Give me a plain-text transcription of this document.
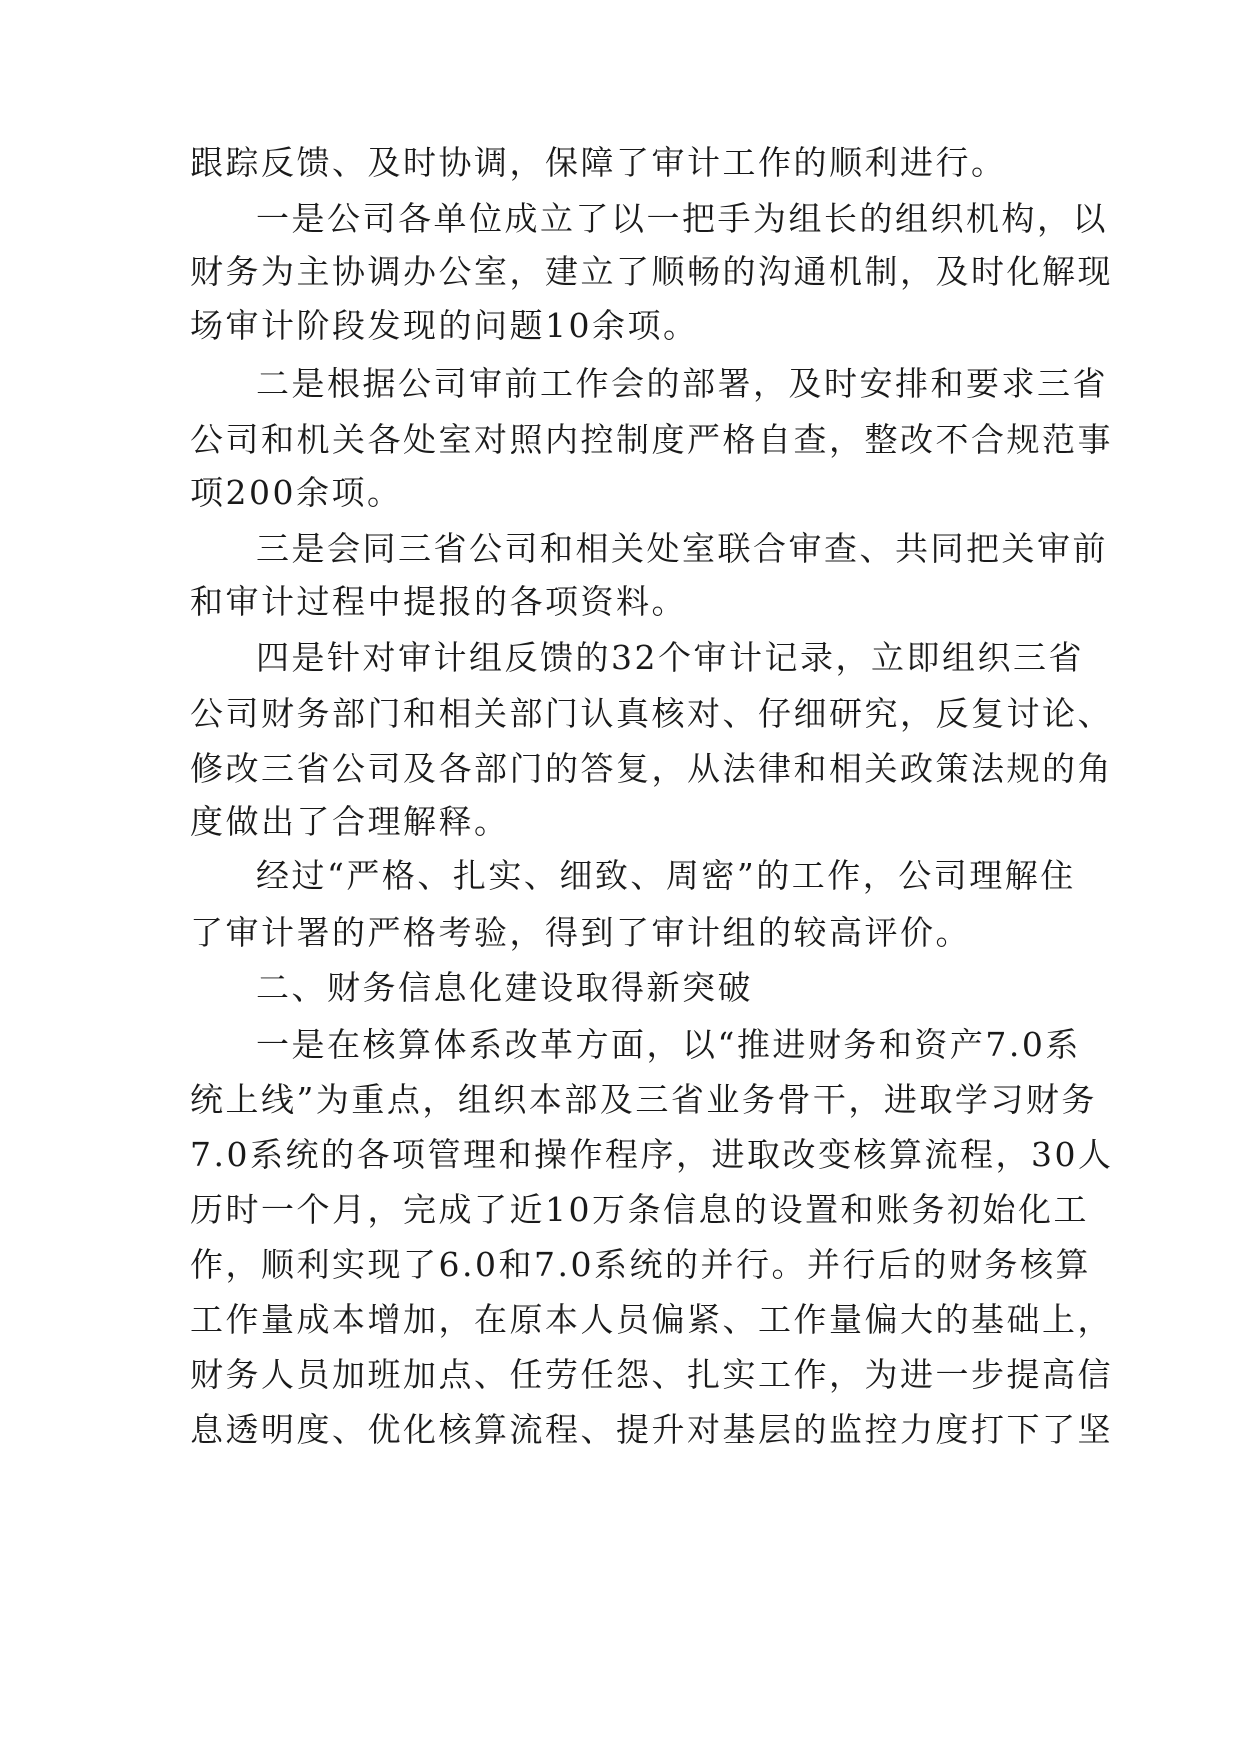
跟踪反馈、及时协调，保障了审计工作的顺利进行。
一是公司各单位成立了以一把手为组长的组织机构，以
财务为主协调办公室，建立了顺畅的沟通机制，及时化解现
场审计阶段发现的问题10余项。
二是根据公司审前工作会的部署，及时安排和要求三省
公司和机关各处室对照内控制度严格自查，整改不合规范事
项200余项。
三是会同三省公司和相关处室联合审查、共同把关审前
和审计过程中提报的各项资料。
四是针对审计组反馈的32个审计记录，立即组织三省
公司财务部门和相关部门认真核对、仔细研究，反复讨论、
修改三省公司及各部门的答复，从法律和相关政策法规的角
度做出了合理解释。
经过“严格、扎实、细致、周密”的工作，公司理解住
了审计署的严格考验，得到了审计组的较高评价。
二、财务信息化建设取得新突破
一是在核算体系改革方面，以“推进财务和资产7.0系
统上线”为重点，组织本部及三省业务骨干，进取学习财务
7.0系统的各项管理和操作程序，进取改变核算流程，30人
历时一个月，完成了近10万条信息的设置和账务初始化工
作，顺利实现了6.0和7.0系统的并行。并行后的财务核算
工作量成本增加，在原本人员偏紧、工作量偏大的基础上，
财务人员加班加点、任劳任怨、扎实工作，为进一步提高信
息透明度、优化核算流程、提升对基层的监控力度打下了坚
